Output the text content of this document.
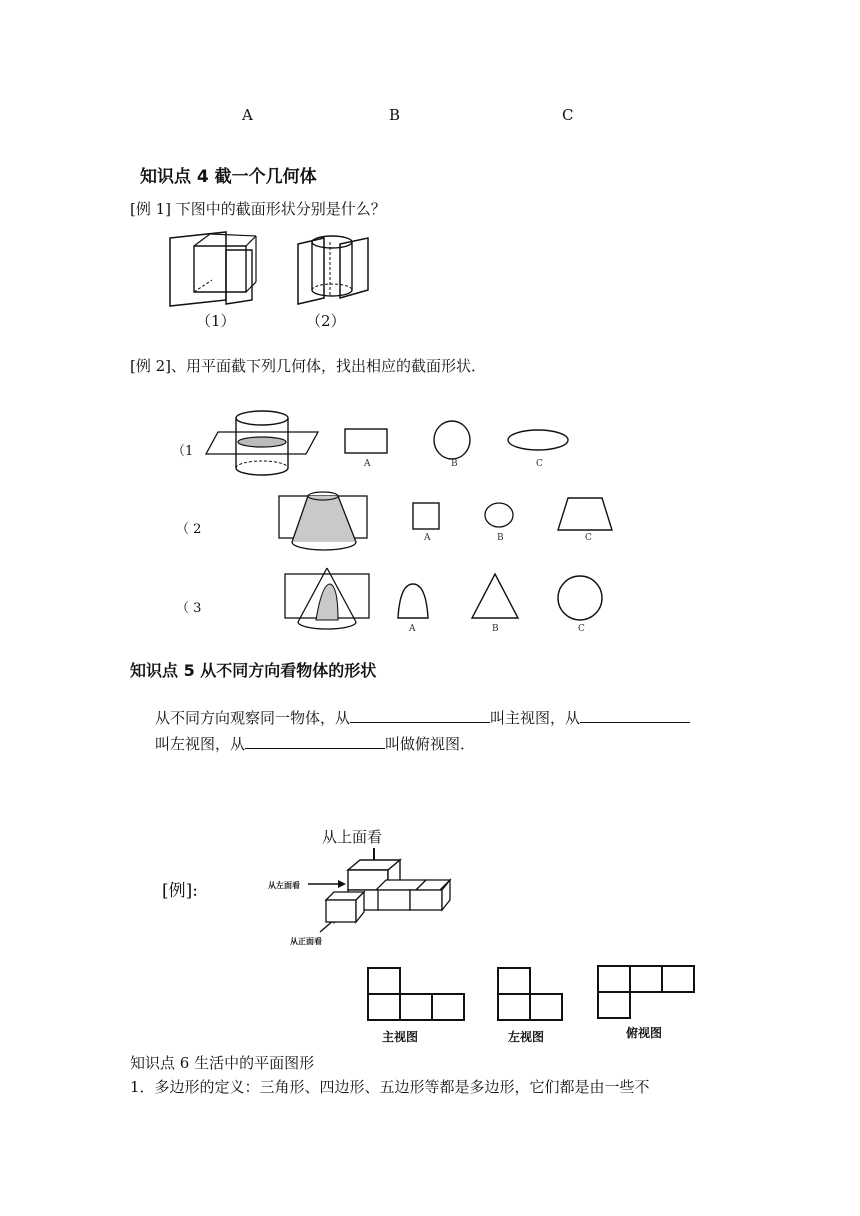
A	B	C
知识点 4 截一个几何体
[例 1] 下图中的截面形状分别是什么？
（1）	（2）
[例 2]、用平面截下列几何体，找出相应的截面形状．
（1
A	B	C
（ 2
A	B	C
（ 3
A	B	C
知识点 5 从不同方向看物体的形状
从不同方向观察同一物体，从	叫主视图，从
叫左视图，从	叫做俯视图．
从上面看
[例]:	从左面看
从正面看
主视图	左视图	俯视图
知识点 6 生活中的平面图形
1．多边形的定义：三角形、四边形、五边形等都是多边形，它们都是由一些不
